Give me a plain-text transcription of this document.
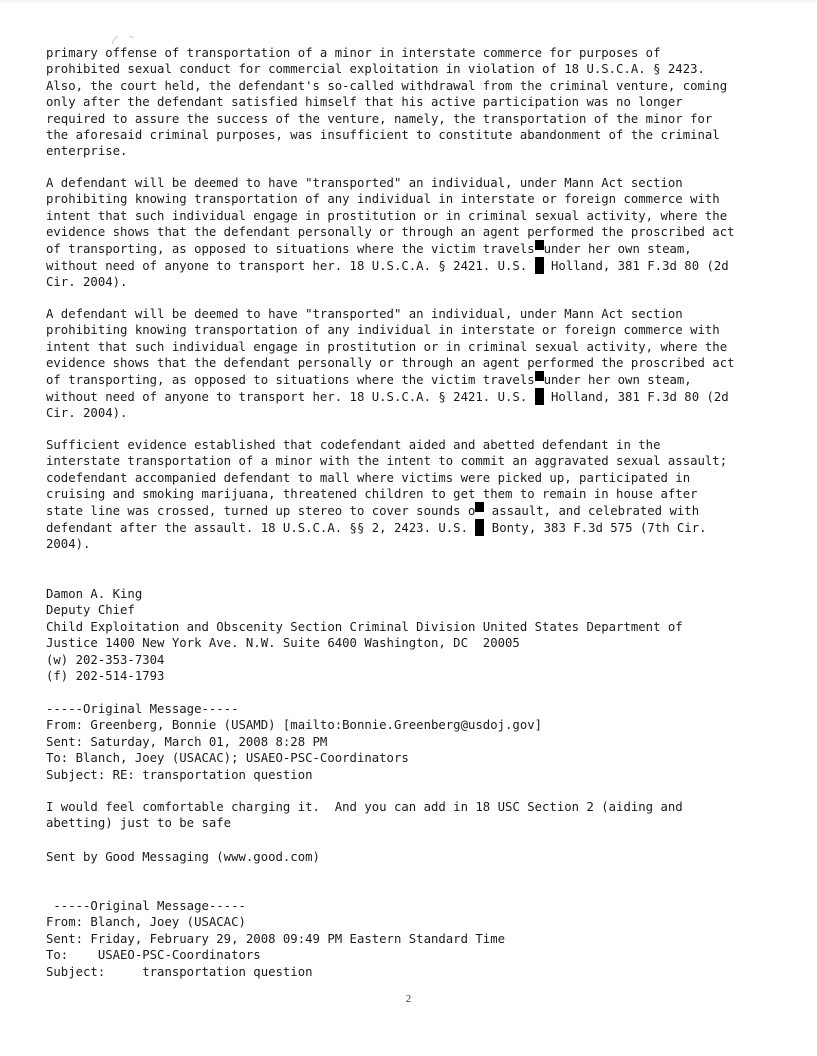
primary offense of transportation of a minor in interstate commerce for purposes of

prohibited sexual conduct for commercial exploitation in violation of 18 U.S.C.A. § 2423.

Also, the court held, the defendant's so-called withdrawal from the criminal venture, coming

only after the defendant satisfied himself that his active participation was no longer

required to assure the success of the venture, namely, the transportation of the minor for

the aforesaid criminal purposes, was insufficient to constitute abandonment of the criminal

enterprise.

A defendant will be deemed to have "transported" an individual, under Mann Act section

prohibiting knowing transportation of any individual in interstate or foreign commerce with

intent that such individual engage in prostitution or in criminal sexual activity, where the

evidence shows that the defendant personally or through an agent performed the proscribed act

of transporting, as opposed to situations where the victim travels under her own steam,

without need of anyone to transport her. 18 U.S.C.A. § 2421. U.S.  Holland, 381 F.3d 80 (2d

Cir. 2004).

A defendant will be deemed to have "transported" an individual, under Mann Act section

prohibiting knowing transportation of any individual in interstate or foreign commerce with

intent that such individual engage in prostitution or in criminal sexual activity, where the

evidence shows that the defendant personally or through an agent performed the proscribed act

of transporting, as opposed to situations where the victim travels under her own steam,

without need of anyone to transport her. 18 U.S.C.A. § 2421. U.S.  Holland, 381 F.3d 80 (2d

Cir. 2004).

Sufficient evidence established that codefendant aided and abetted defendant in the

interstate transportation of a minor with the intent to commit an aggravated sexual assault;

codefendant accompanied defendant to mall where victims were picked up, participated in

cruising and smoking marijuana, threatened children to get them to remain in house after

state line was crossed, turned up stereo to cover sounds o assault, and celebrated with

defendant after the assault. 18 U.S.C.A. §§ 2, 2423. U.S.  Bonty, 383 F.3d 575 (7th Cir.

2004).

Damon A. King

Deputy Chief

Child Exploitation and Obscenity Section Criminal Division United States Department of

Justice 1400 New York Ave. N.W. Suite 6400 Washington, DC  20005

(w) 202-353-7304

(f) 202-514-1793

-----Original Message-----

From: Greenberg, Bonnie (USAMD) [mailto:Bonnie.Greenberg@usdoj.gov]

Sent: Saturday, March 01, 2008 8:28 PM

To: Blanch, Joey (USACAC); USAEO-PSC-Coordinators

Subject: RE: transportation question

I would feel comfortable charging it.  And you can add in 18 USC Section 2 (aiding and

abetting) just to be safe

Sent by Good Messaging (www.good.com)

-----Original Message-----

From: Blanch, Joey (USACAC)

Sent: Friday, February 29, 2008 09:49 PM Eastern Standard Time

To:    USAEO-PSC-Coordinators

Subject:     transportation question

2
